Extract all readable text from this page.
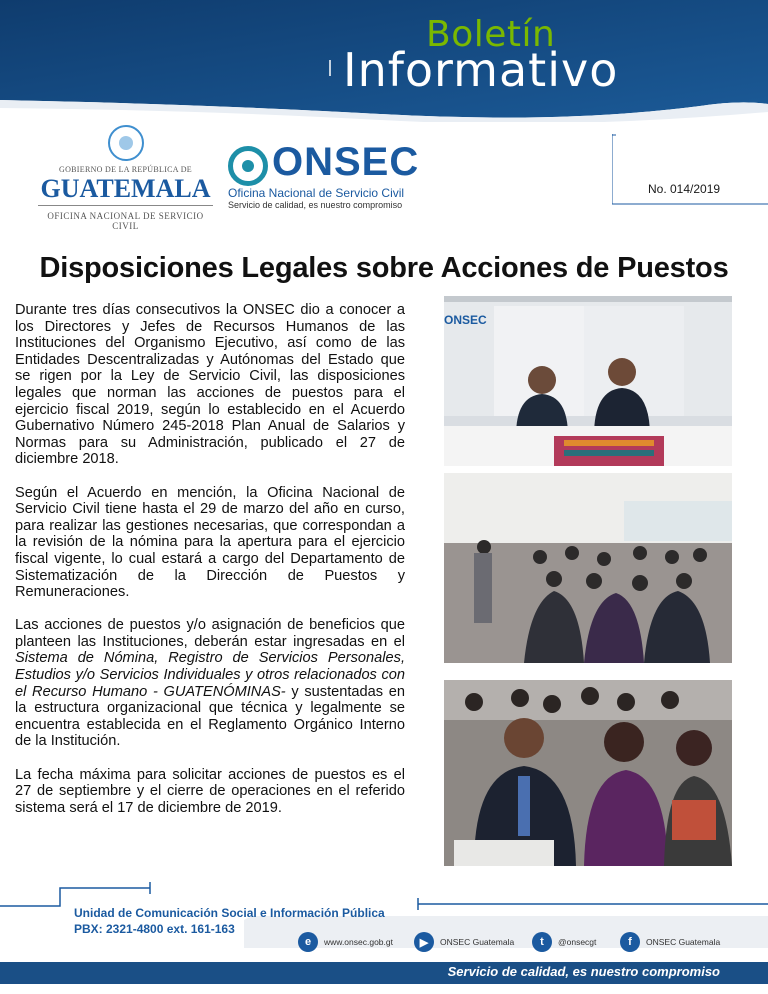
Boletín
Informativo
GOBIERNO DE LA REPÚBLICA DE
GUATEMALA
OFICINA NACIONAL DE SERVICIO CIVIL
ONSEC
Oficina Nacional de Servicio Civil
Servicio de calidad, es nuestro compromiso
No. 014/2019
Disposiciones Legales sobre Acciones de Puestos

Durante tres días consecutivos la ONSEC dio a conocer a los Directores y Jefes de Recursos Humanos de las Instituciones del Organismo Ejecutivo, así como de las Entidades Descentralizadas y Autónomas del Estado que se rigen por la Ley de Servicio Civil, las disposiciones legales que norman las acciones de puestos para el ejercicio fiscal 2019, según lo establecido en el Acuerdo Gubernativo Número 245-2018 Plan Anual de Salarios y Normas para su Administración, publicado el 27 de diciembre 2018.

Según el Acuerdo en mención, la Oficina Nacional de Servicio Civil tiene hasta el 29 de marzo del año en curso, para realizar las gestiones necesarias, que correspondan a la revisión de la nómina para la apertura para el ejercicio fiscal vigente, lo cual estará a cargo del Departamento de Sistematización de la Dirección de Puestos y Remuneraciones.

Las acciones de puestos y/o asignación de beneficios que planteen las Instituciones, deberán estar ingresadas en el Sistema de Nómina, Registro de Servicios Personales, Estudios y/o Servicios Individuales y otros relacionados con el Recurso Humano - GUATENÓMINAS- y sustentadas en la estructura organizacional que técnica y legalmente se encuentra establecida en el Reglamento Orgánico Interno de la Institución.

La fecha máxima para solicitar acciones de puestos es el 27 de septiembre y el cierre de operaciones en el referido sistema será el 17 de diciembre de 2019.

ONSEC
Unidad de Comunicación Social e Información Pública
PBX: 2321-4800 ext. 161-163
e	www.onsec.gob.gt	▶	ONSEC Guatemala	t	@onsecgt	f	ONSEC Guatemala
Servicio de calidad, es nuestro compromiso
